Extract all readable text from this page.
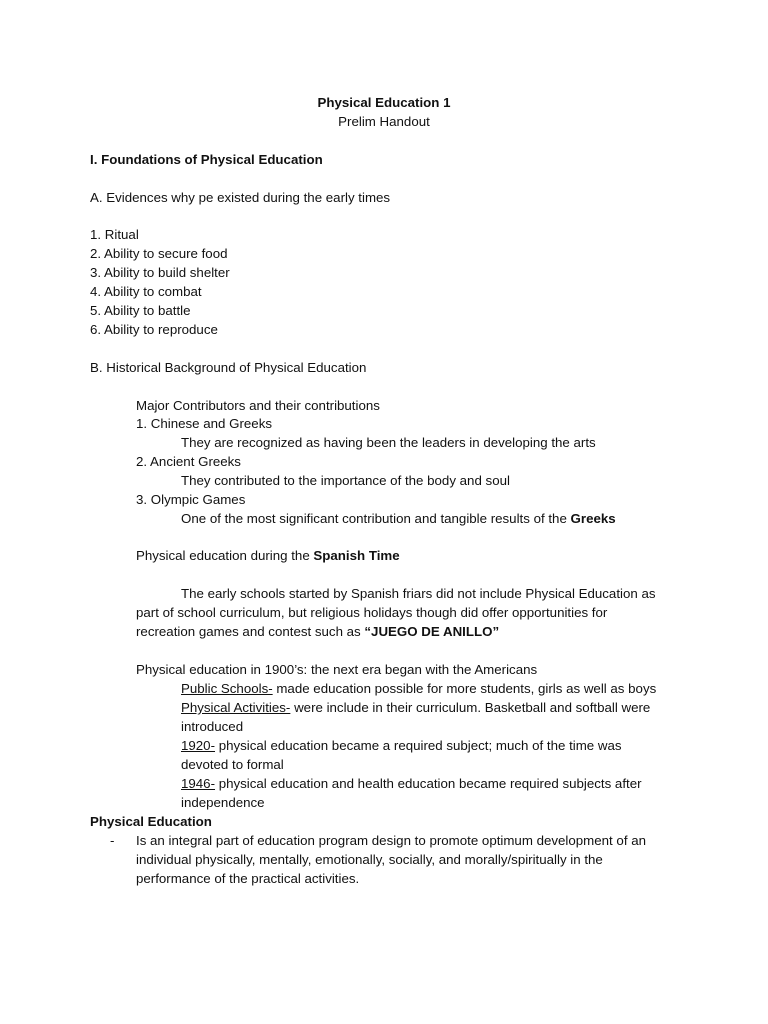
Physical Education 1
Prelim Handout
I. Foundations of Physical Education
A. Evidences why pe existed during the early times
1. Ritual
2. Ability to secure food
3. Ability to build shelter
4. Ability to combat
5. Ability to battle
6. Ability to reproduce
B. Historical Background of Physical Education
Major Contributors and their contributions
1. Chinese and Greeks
They are recognized as having been the leaders in developing the arts
2. Ancient Greeks
They contributed to the importance of the body and soul
3. Olympic Games
One of the most significant contribution and tangible results of the Greeks
Physical education during the Spanish Time
The early schools started by Spanish friars did not include Physical Education as
part of school curriculum, but religious holidays though did offer opportunities for
recreation games and contest such as “JUEGO DE ANILLO”
Physical education in 1900’s: the next era began with the Americans
Public Schools- made education possible for more students, girls as well as boys
Physical Activities- were include in their curriculum. Basketball and softball were
introduced
1920- physical education became a required subject; much of the time was
devoted to formal
1946- physical education and health education became required subjects after
independence
Physical Education
- Is an integral part of education program design to promote optimum development of an
individual physically, mentally, emotionally, socially, and morally/spiritually in the
performance of the practical activities.
